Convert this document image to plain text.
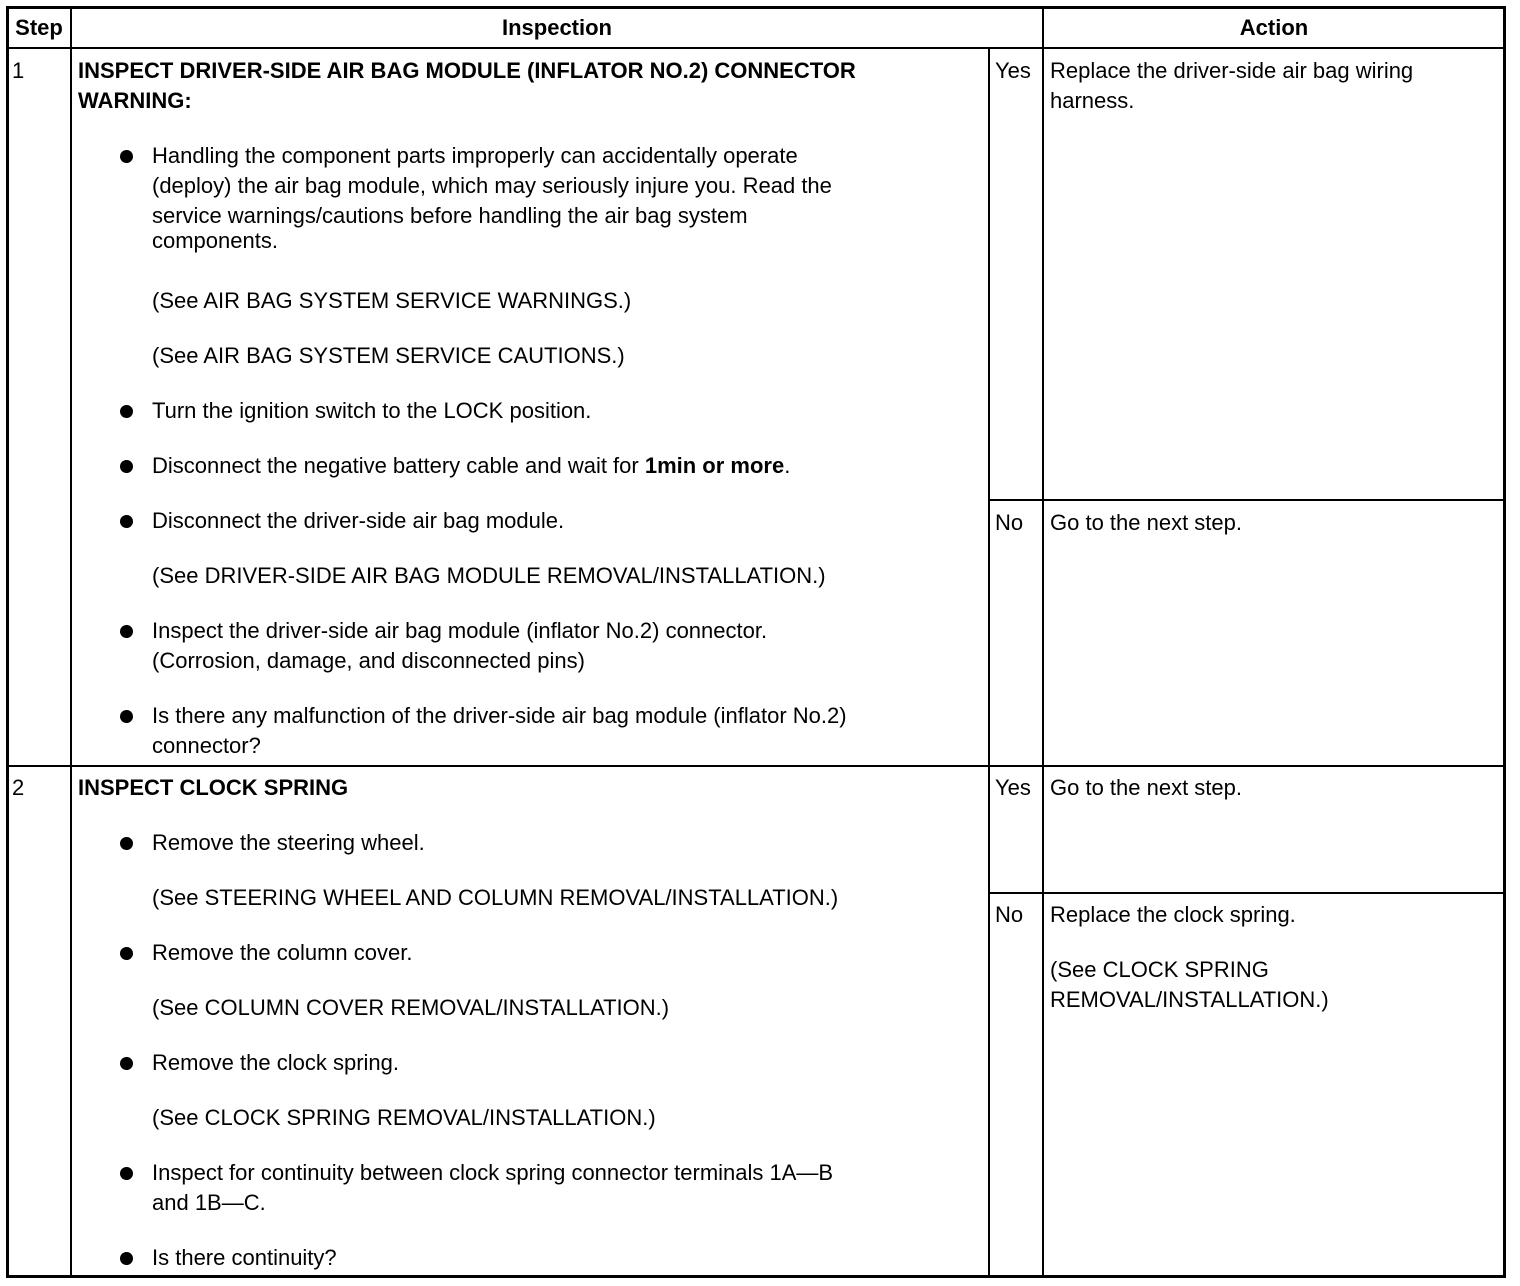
Step	Inspection	Action
1 INSPECT DRIVER-SIDE AIR BAG MODULE (INFLATOR NO.2) CONNECTOR
WARNING:

Handling the component parts improperly can accidentally operate

(deploy) the air bag module, which may seriously injure you. Read the

service warnings/cautions before handling the air bag system

components.

(See AIR BAG SYSTEM SERVICE WARNINGS.)
(See AIR BAG SYSTEM SERVICE CAUTIONS.)
Turn the ignition switch to the LOCK position.
Disconnect the negative battery cable and wait for 1min or more.
Disconnect the driver-side air bag module.
(See DRIVER-SIDE AIR BAG MODULE REMOVAL/INSTALLATION.)

Inspect the driver-side air bag module (inflator No.2) connector.

(Corrosion, damage, and disconnected pins)

Is there any malfunction of the driver-side air bag module (inflator No.2)

connector?

Yes Replace the driver-side air bag wiring

harness.

No Go to the next step.
2 INSPECT CLOCK SPRING
Remove the steering wheel.
(See STEERING WHEEL AND COLUMN REMOVAL/INSTALLATION.)
Remove the column cover.
(See COLUMN COVER REMOVAL/INSTALLATION.)
Remove the clock spring.
(See CLOCK SPRING REMOVAL/INSTALLATION.)

Inspect for continuity between clock spring connector terminals 1A—B

and 1B—C.

Is there continuity?
Yes Go to the next step.
No Replace the clock spring.

(See CLOCK SPRING

REMOVAL/INSTALLATION.)
